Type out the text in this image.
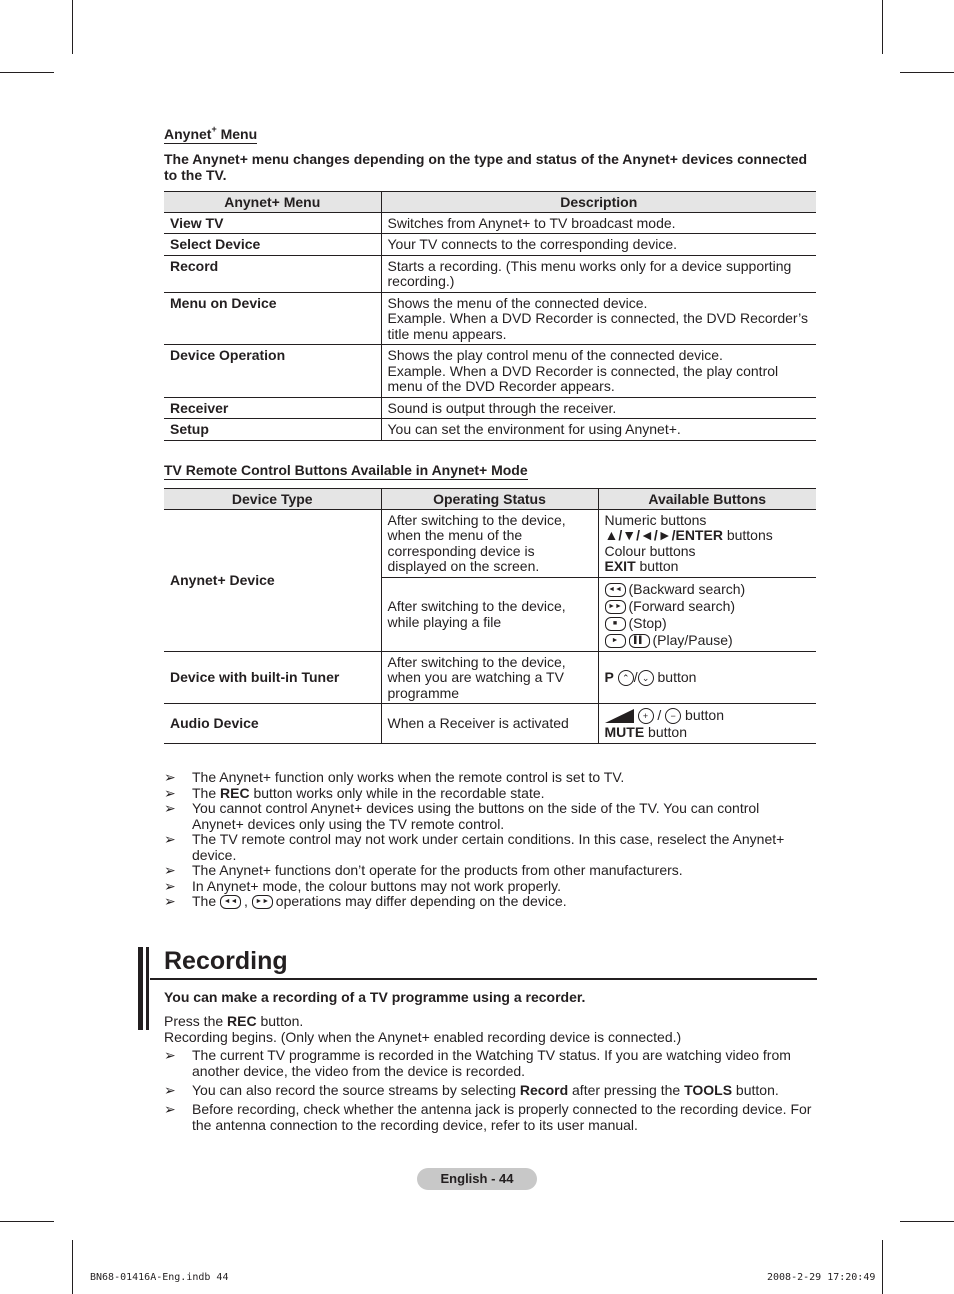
Anynet+ Menu
The Anynet+ menu changes depending on the type and status of the Anynet+ devices connected to the TV.
Anynet+ Menu	Description
View TV	Switches from Anynet+ to TV broadcast mode.
Select Device	Your TV connects to the corresponding device.
Record	Starts a recording. (This menu works only for a device supporting recording.)
Menu on Device	Shows the menu of the connected device.
Example. When a DVD Recorder is connected, the DVD Recorder’s title menu appears.

Device Operation	Shows the play control menu of the connected device.
Example. When a DVD Recorder is connected, the play control menu of the DVD Recorder appears.

Receiver	Sound is output through the receiver.
Setup	You can set the environment for using Anynet+.
TV Remote Control Buttons Available in Anynet+ Mode
Device Type	Operating Status	Available Buttons
Anynet+ Device	After switching to the device, when the menu of the corresponding device is displayed on the screen.	Numeric buttons
▲/▼/◄/►/ENTER buttons
Colour buttons
EXIT button

	After switching to the device, while playing a file	◄◄ (Backward search)
►► (Forward search)
■ (Stop)
► ▌▌ (Play/Pause)

Device with built-in Tuner	After switching to the device, when you are watching a TV programme	P ⌃ / ⌄ button
Audio Device	When a Receiver is activated	+ / − button
MUTE button
➢	The Anynet+ function only works when the remote control is set to TV.
➢	The REC button works only while in the recordable state.
➢	You cannot control Anynet+ devices using the buttons on the side of the TV. You can control Anynet+ devices only using the TV remote control.
➢	The TV remote control may not work under certain conditions. In this case, reselect the Anynet+ device.
➢	The Anynet+ functions don’t operate for the products from other manufacturers.
➢	In Anynet+ mode, the colour buttons may not work properly.
➢	The ◄◄ , ►► operations may differ depending on the device.
Recording
You can make a recording of a TV programme using a recorder.
Press the REC button.
Recording begins. (Only when the Anynet+ enabled recording device is connected.)
➢	The current TV programme is recorded in the Watching TV status. If you are watching video from another device, the video from the device is recorded.
➢	You can also record the source streams by selecting Record after pressing the TOOLS button.
➢	Before recording, check whether the antenna jack is properly connected to the recording device. For the antenna connection to the recording device, refer to its user manual.
English - 44
BN68-01416A-Eng.indb 44	2008-2-29 17:20:49
